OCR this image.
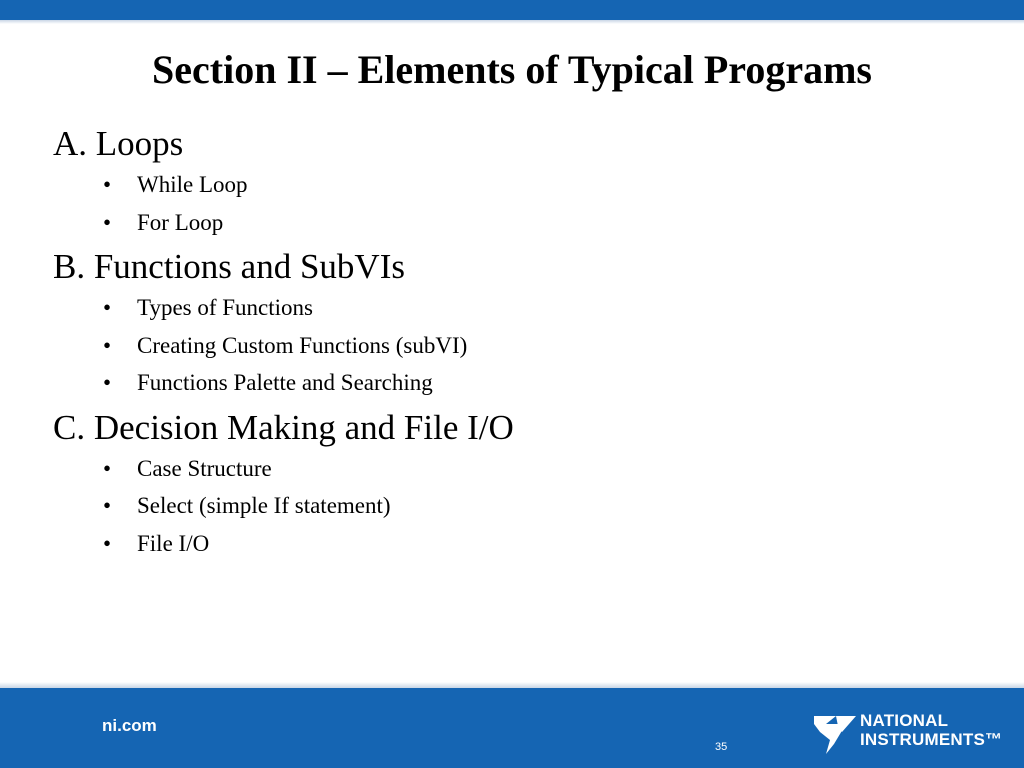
Section II – Elements of Typical Programs

A. Loops

• While Loop
• For Loop

B. Functions and SubVIs

• Types of Functions
• Creating Custom Functions (subVI)
• Functions Palette and Searching

C. Decision Making and File I/O

• Case Structure
• Select (simple If statement)
• File I/O
ni.com
35
NATIONAL
INSTRUMENTS™
